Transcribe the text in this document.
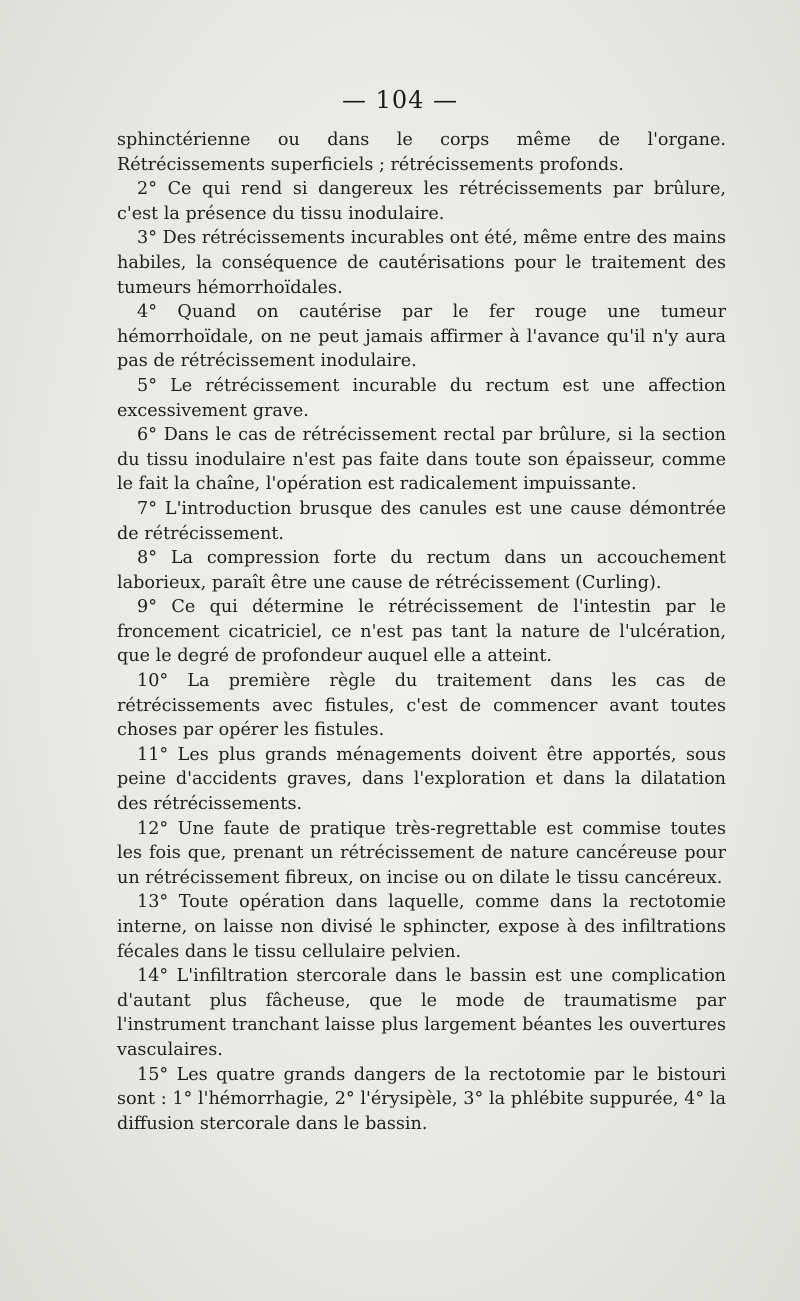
— 104 —

sphinctérienne ou dans le corps même de l'organe. Rétrécissements superficiels ; rétrécissements profonds.

2° Ce qui rend si dangereux les rétrécissements par brûlure, c'est la présence du tissu inodulaire.

3° Des rétrécissements incurables ont été, même entre des mains habiles, la conséquence de cautérisations pour le traitement des tumeurs hémorrhoïdales.

4° Quand on cautérise par le fer rouge une tumeur hémorrhoïdale, on ne peut jamais affirmer à l'avance qu'il n'y aura pas de rétrécissement inodulaire.

5° Le rétrécissement incurable du rectum est une affection excessivement grave.

6° Dans le cas de rétrécissement rectal par brûlure, si la section du tissu inodulaire n'est pas faite dans toute son épaisseur, comme le fait la chaîne, l'opération est radicalement impuissante.

7° L'introduction brusque des canules est une cause démontrée de rétrécissement.

8° La compression forte du rectum dans un accouchement laborieux, paraît être une cause de rétrécissement (Curling).

9° Ce qui détermine le rétrécissement de l'intestin par le froncement cicatriciel, ce n'est pas tant la nature de l'ulcération, que le degré de profondeur auquel elle a atteint.

10° La première règle du traitement dans les cas de rétrécissements avec fistules, c'est de commencer avant toutes choses par opérer les fistules.

11° Les plus grands ménagements doivent être apportés, sous peine d'accidents graves, dans l'exploration et dans la dilatation des rétrécissements.

12° Une faute de pratique très-regrettable est commise toutes les fois que, prenant un rétrécissement de nature cancéreuse pour un rétrécissement fibreux, on incise ou on dilate le tissu cancéreux.

13° Toute opération dans laquelle, comme dans la rectotomie interne, on laisse non divisé le sphincter, expose à des infiltrations fécales dans le tissu cellulaire pelvien.

14° L'infiltration stercorale dans le bassin est une complication d'autant plus fâcheuse, que le mode de traumatisme par l'instrument tranchant laisse plus largement béantes les ouvertures vasculaires.

15° Les quatre grands dangers de la rectotomie par le bistouri sont : 1° l'hémorrhagie, 2° l'érysipèle, 3° la phlébite suppurée, 4° la diffusion stercorale dans le bassin.
